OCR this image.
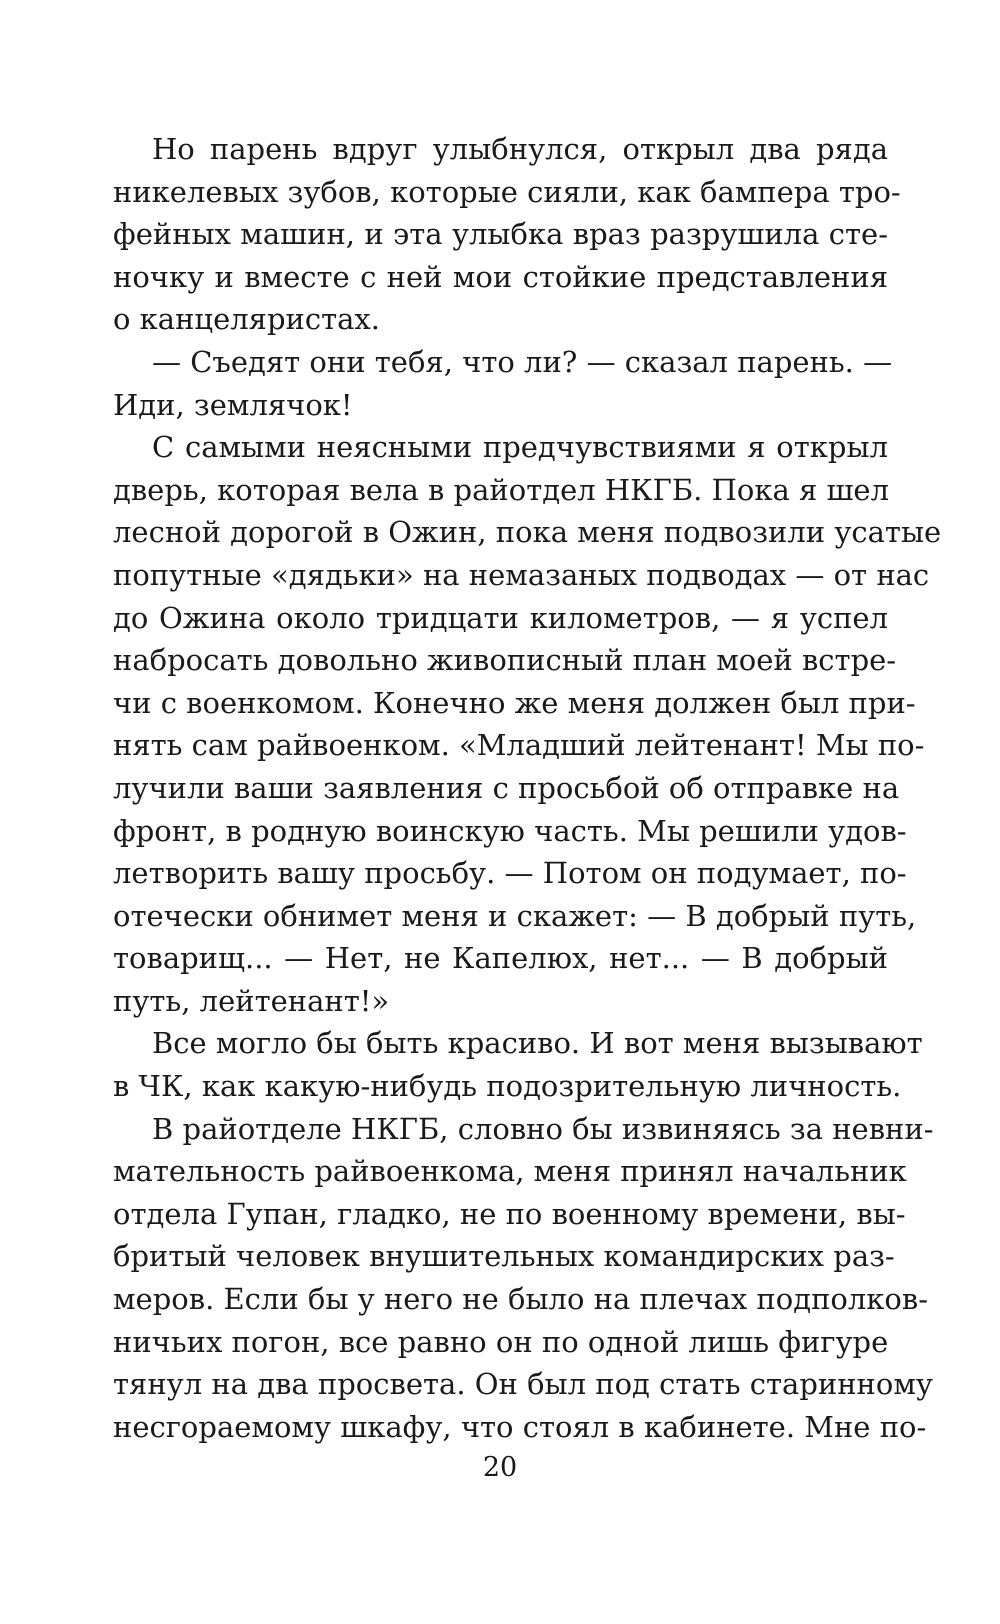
Но парень вдруг улыбнулся, открыл два ряда
никелевых зубов, которые сияли, как бампера тро-
фейных машин, и эта улыбка враз разрушила сте-
ночку и вместе с ней мои стойкие представления
о канцеляристах.
— Съедят они тебя, что ли? — сказал парень. —
Иди, землячок!
С самыми неясными предчувствиями я открыл
дверь, которая вела в райотдел НКГБ. Пока я шел
лесной дорогой в Ожин, пока меня подвозили усатые
попутные «дядьки» на немазаных подводах — от нас
до Ожина около тридцати километров, — я успел
набросать довольно живописный план моей встре-
чи с военкомом. Конечно же меня должен был при-
нять сам райвоенком. «Младший лейтенант! Мы по-
лучили ваши заявления с просьбой об отправке на
фронт, в родную воинскую часть. Мы решили удов-
летворить вашу просьбу. — Потом он подумает, по-
отечески обнимет меня и скажет: — В добрый путь,
товарищ... — Нет, не Капелюх, нет... — В добрый
путь, лейтенант!»
Все могло бы быть красиво. И вот меня вызывают
в ЧК, как какую-нибудь подозрительную личность.
В райотделе НКГБ, словно бы извиняясь за невни-
мательность райвоенкома, меня принял начальник
отдела Гупан, гладко, не по военному времени, вы-
бритый человек внушительных командирских раз-
меров. Если бы у него не было на плечах подполков-
ничьих погон, все равно он по одной лишь фигуре
тянул на два просвета. Он был под стать старинному
несгораемому шкафу, что стоял в кабинете. Мне по-
20
